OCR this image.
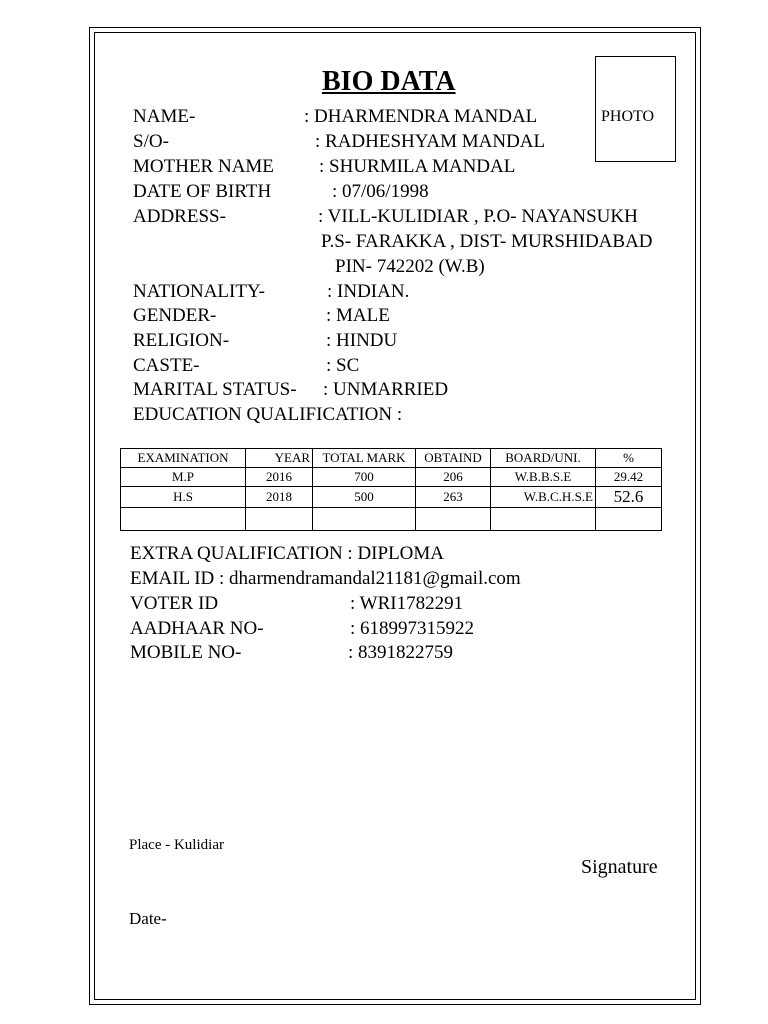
BIO DATA
PHOTO
NAME-	: DHARMENDRA MANDAL
S/O-	: RADHESHYAM MANDAL
MOTHER NAME : SHURMILA MANDAL
DATE OF BIRTH	: 07/06/1998
ADDRESS-	: VILL-KULIDIAR , P.O- NAYANSUKH
P.S- FARAKKA , DIST- MURSHIDABAD
PIN- 742202 (W.B)
NATIONALITY-	: INDIAN.
GENDER-	: MALE
RELIGION-	: HINDU
CASTE-	: SC
MARITAL STATUS- : UNMARRIED
EDUCATION QUALIFICATION :
EXAMINATION	YEAR	TOTAL MARK	OBTAIND	BOARD/UNI.	%
M.P	2016	700	206	W.B.B.S.E	29.42
H.S	2018	500	263	W.B.C.H.S.E	52.6

EXTRA QUALIFICATION : DIPLOMA
EMAIL ID : dharmendramandal21181@gmail.com
VOTER ID	: WRI1782291
AADHAAR NO-	: 618997315922
MOBILE NO-	: 8391822759
Place - Kulidiar
Signature
Date-
